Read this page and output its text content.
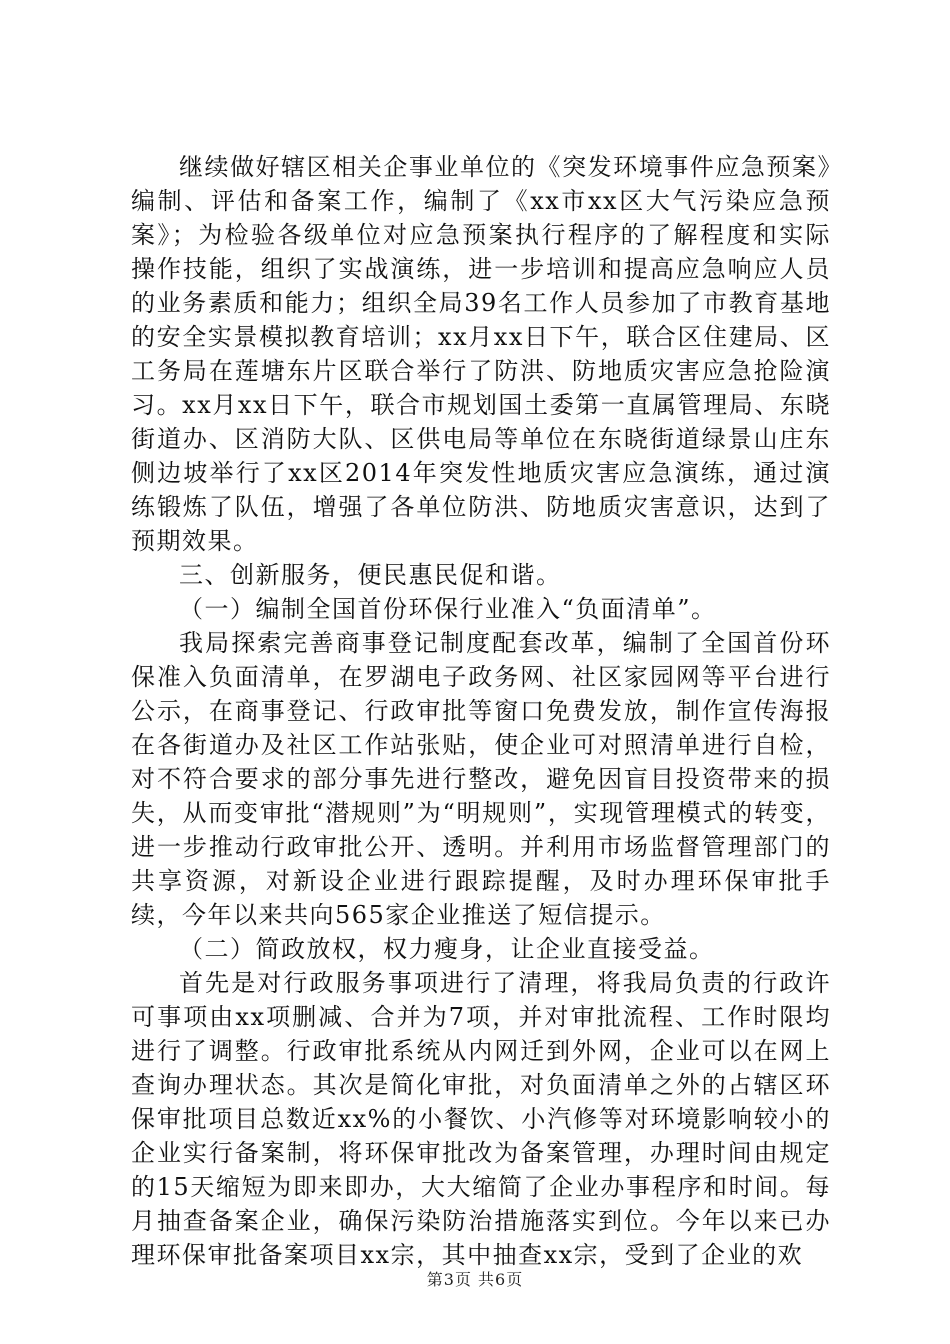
继续做好辖区相关企事业单位的《突发环境事件应急预案》编制、评估和备案工作，编制了《xx市xx区大气污染应急预案》；为检验各级单位对应急预案执行程序的了解程度和实际操作技能，组织了实战演练，进一步培训和提高应急响应人员的业务素质和能力；组织全局39名工作人员参加了市教育基地的安全实景模拟教育培训；xx月xx日下午，联合区住建局、区工务局在莲塘东片区联合举行了防洪、防地质灾害应急抢险演习。xx月xx日下午，联合市规划国土委第一直属管理局、东晓街道办、区消防大队、区供电局等单位在东晓街道绿景山庄东侧边坡举行了xx区2014年突发性地质灾害应急演练，通过演练锻炼了队伍，增强了各单位防洪、防地质灾害意识，达到了预期效果。

三、创新服务，便民惠民促和谐。

（一）编制全国首份环保行业准入“负面清单”。

我局探索完善商事登记制度配套改革，编制了全国首份环保准入负面清单，在罗湖电子政务网、社区家园网等平台进行公示，在商事登记、行政审批等窗口免费发放，制作宣传海报在各街道办及社区工作站张贴，使企业可对照清单进行自检，对不符合要求的部分事先进行整改，避免因盲目投资带来的损失，从而变审批“潜规则”为“明规则”，实现管理模式的转变，进一步推动行政审批公开、透明。并利用市场监督管理部门的共享资源，对新设企业进行跟踪提醒，及时办理环保审批手续，今年以来共向565家企业推送了短信提示。

（二）简政放权，权力瘦身，让企业直接受益。

首先是对行政服务事项进行了清理，将我局负责的行政许可事项由xx项删减、合并为7项，并对审批流程、工作时限均进行了调整。行政审批系统从内网迁到外网，企业可以在网上查询办理状态。其次是简化审批，对负面清单之外的占辖区环保审批项目总数近xx%的小餐饮、小汽修等对环境影响较小的企业实行备案制，将环保审批改为备案管理，办理时间由规定的15天缩短为即来即办，大大缩简了企业办事程序和时间。每月抽查备案企业，确保污染防治措施落实到位。今年以来已办理环保审批备案项目xx宗，其中抽查xx宗，受到了企业的欢

第3页 共6页
